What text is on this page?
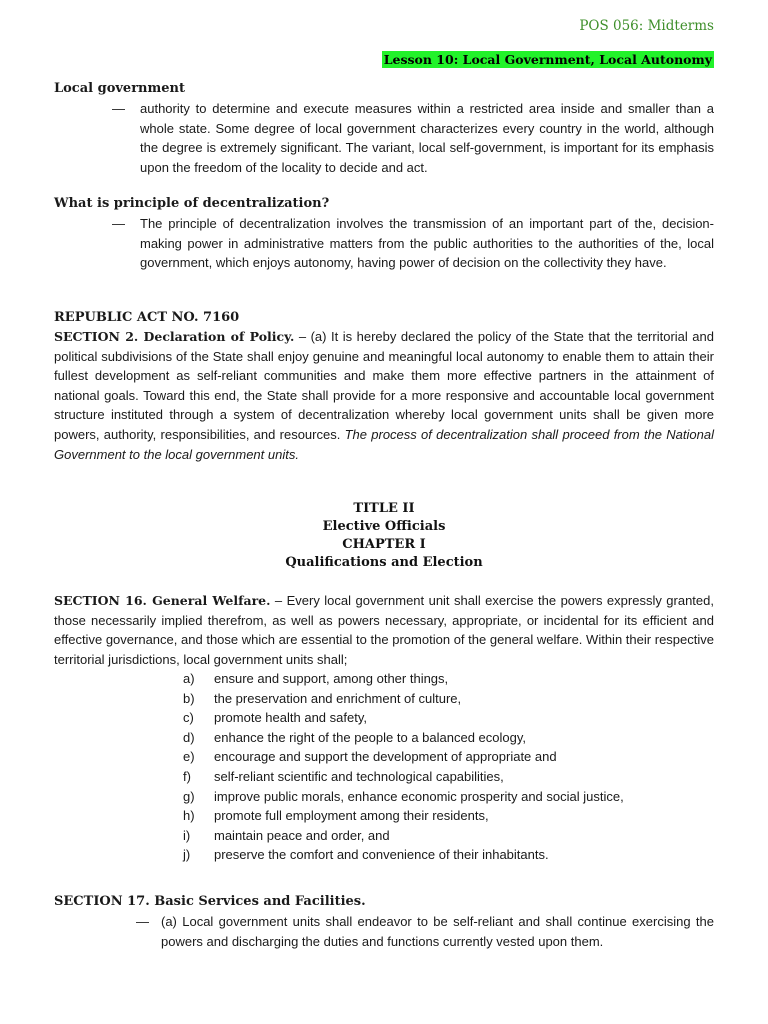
POS 056: Midterms
Lesson 10: Local Government, Local Autonomy
Local government
— authority to determine and execute measures within a restricted area inside and smaller than a whole state. Some degree of local government characterizes every country in the world, although the degree is extremely significant. The variant, local self-government, is important for its emphasis upon the freedom of the locality to decide and act.
What is principle of decentralization?
— The principle of decentralization involves the transmission of an important part of the, decision-making power in administrative matters from the public authorities to the authorities of the, local government, which enjoys autonomy, having power of decision on the collectivity they have.
REPUBLIC ACT NO. 7160
SECTION 2. Declaration of Policy. – (a) It is hereby declared the policy of the State that the territorial and political subdivisions of the State shall enjoy genuine and meaningful local autonomy to enable them to attain their fullest development as self-reliant communities and make them more effective partners in the attainment of national goals. Toward this end, the State shall provide for a more responsive and accountable local government structure instituted through a system of decentralization whereby local government units shall be given more powers, authority, responsibilities, and resources. The process of decentralization shall proceed from the National Government to the local government units.
TITLE II
Elective Officials
CHAPTER I
Qualifications and Election
SECTION 16. General Welfare. – Every local government unit shall exercise the powers expressly granted, those necessarily implied therefrom, as well as powers necessary, appropriate, or incidental for its efficient and effective governance, and those which are essential to the promotion of the general welfare. Within their respective territorial jurisdictions, local government units shall;
a)	ensure and support, among other things,
b)	the preservation and enrichment of culture,
c)	promote health and safety,
d)	enhance the right of the people to a balanced ecology,
e)	encourage and support the development of appropriate and
f)	self-reliant scientific and technological capabilities,
g)	improve public morals, enhance economic prosperity and social justice,
h)	promote full employment among their residents,
i)	maintain peace and order, and
j)	preserve the comfort and convenience of their inhabitants.
SECTION 17. Basic Services and Facilities.
— (a) Local government units shall endeavor to be self-reliant and shall continue exercising the powers and discharging the duties and functions currently vested upon them.
